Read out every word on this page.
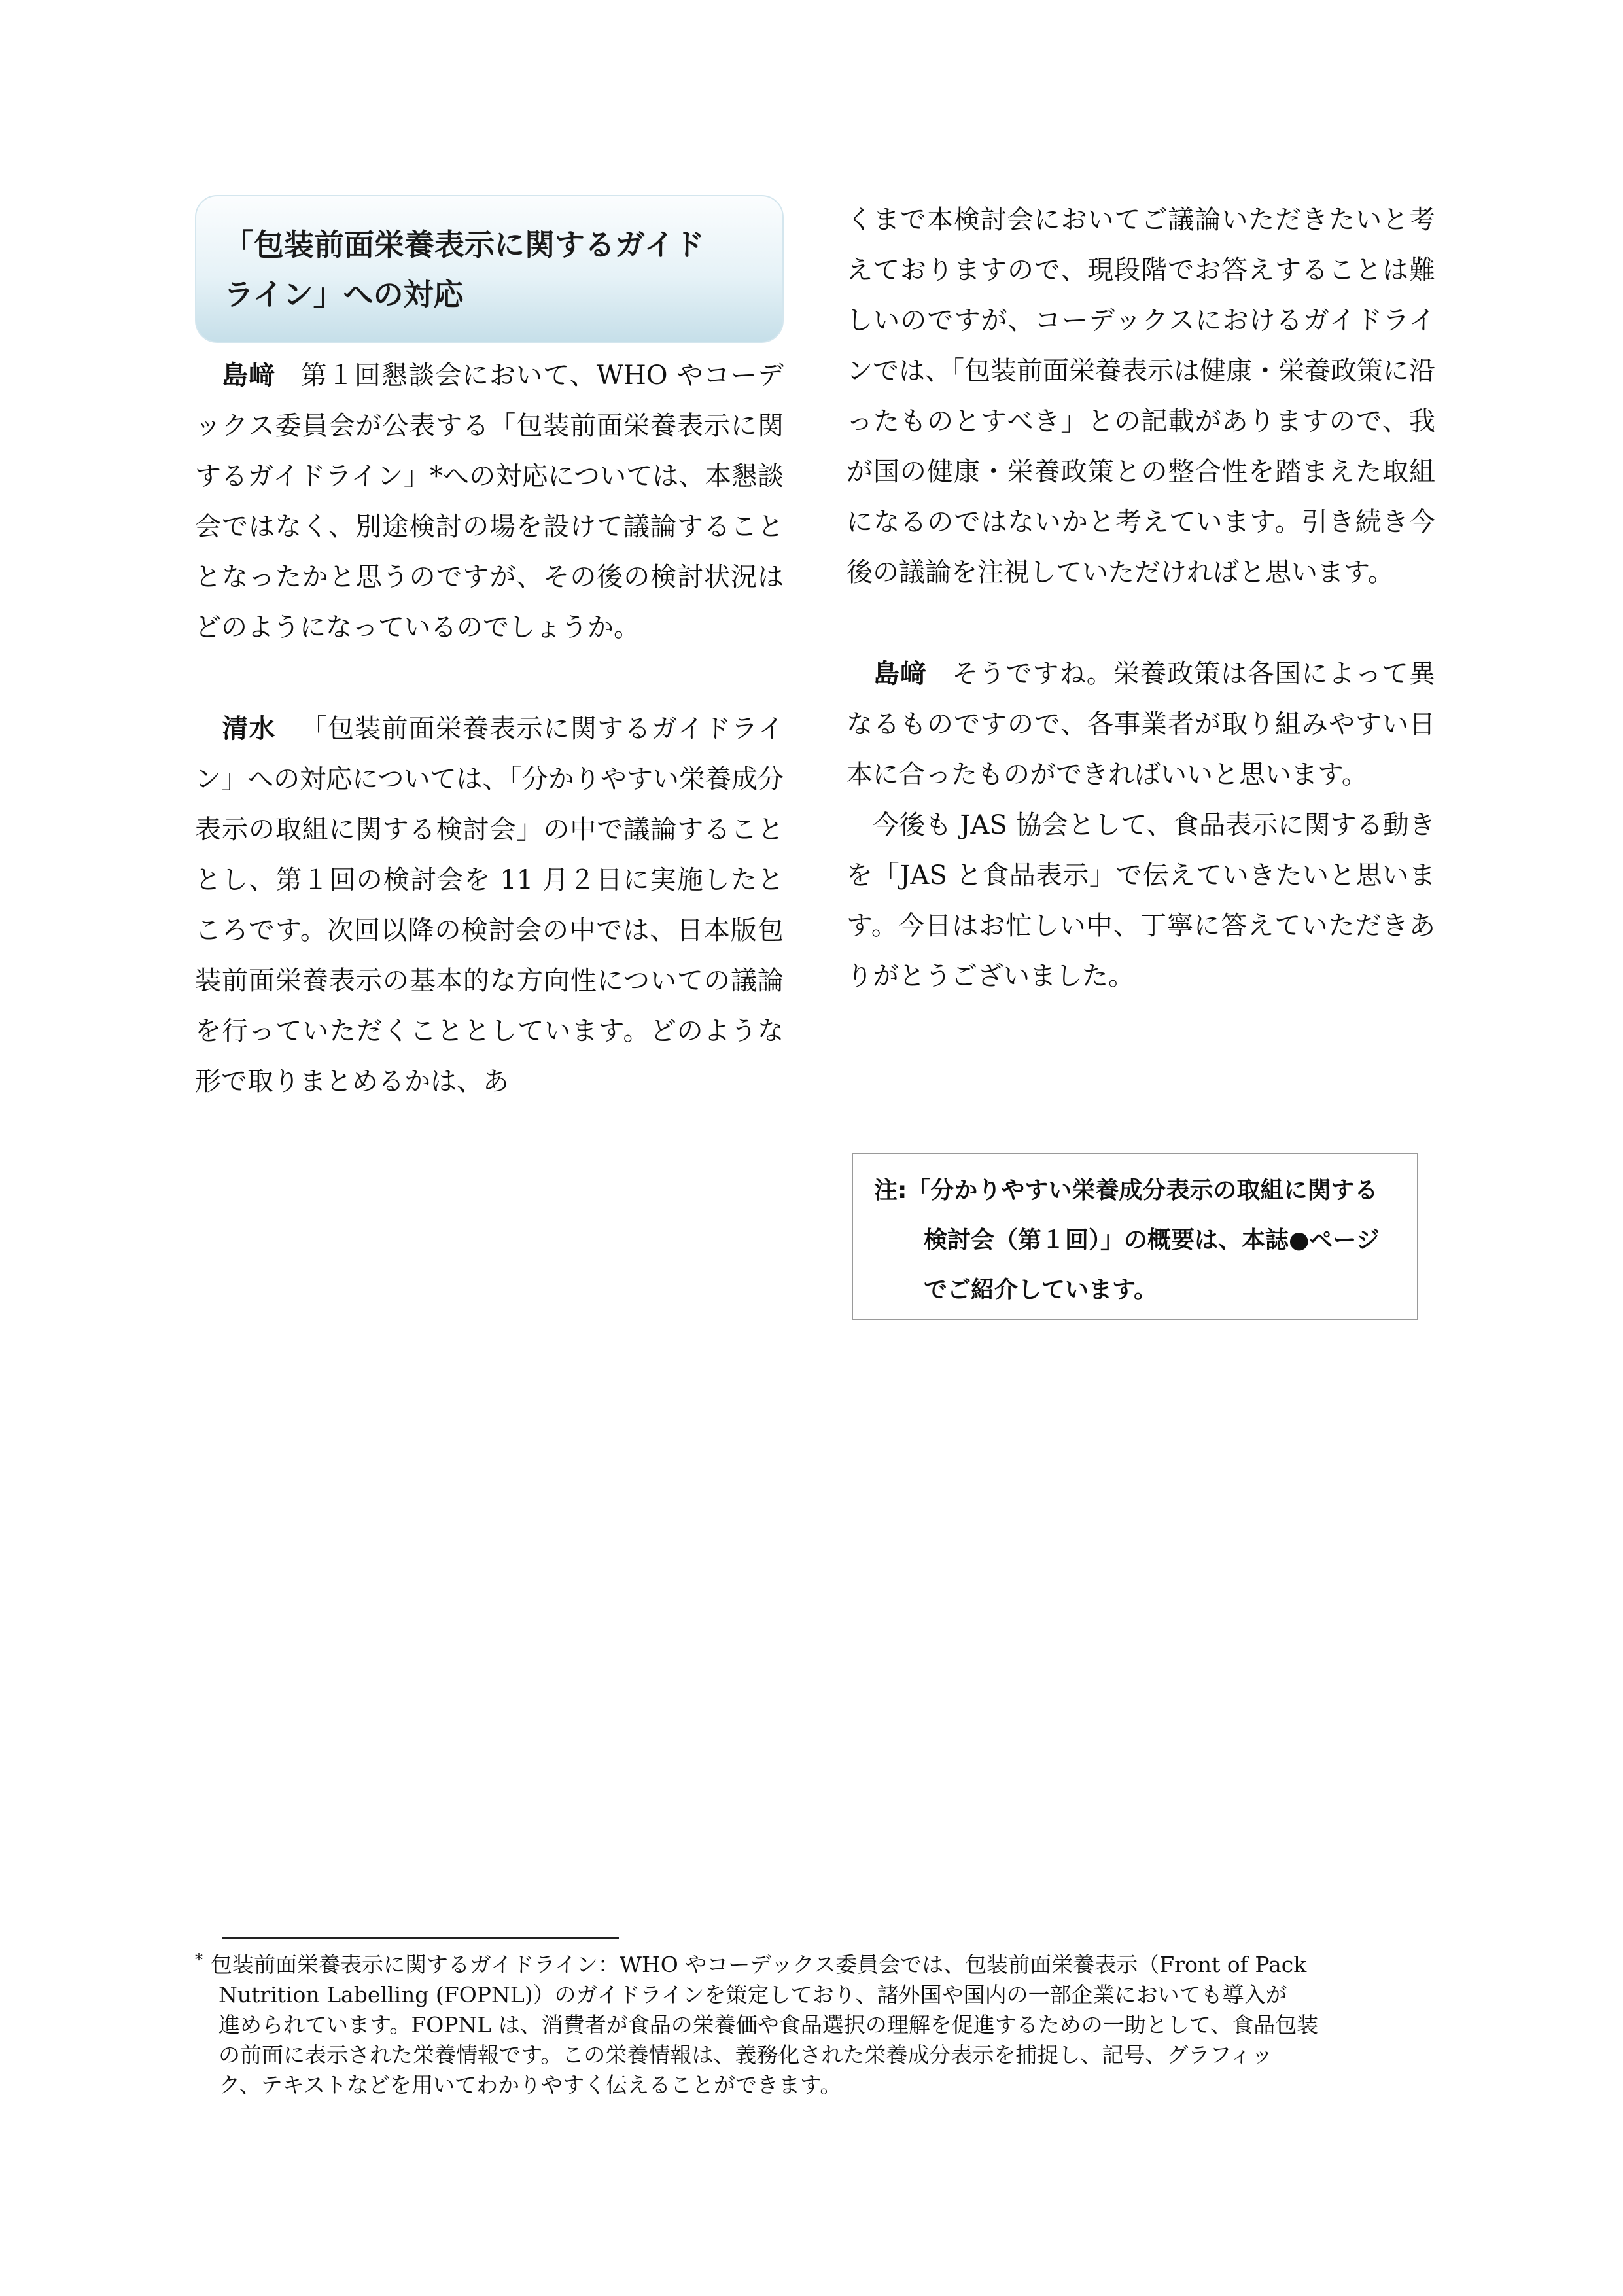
「包装前面栄養表示に関するガイド
ライン」への対応

　島﨑 第１回懇談会において、WHO やコーデックス委員会が公表する「包装前面栄養表示に関するガイドライン」*への対応については、本懇談会ではなく、別途検討の場を設けて議論することとなったかと思うのですが、その後の検討状況はどのようになっているのでしょうか。

　清水 「包装前面栄養表示に関するガイドライン」への対応については、「分かりやすい栄養成分表示の取組に関する検討会」の中で議論することとし、第１回の検討会を 11 月２日に実施したところです。次回以降の検討会の中では、日本版包装前面栄養表示の基本的な方向性についての議論を行っていただくこととしています。どのような形で取りまとめるかは、あ

くまで本検討会においてご議論いただきたいと考えておりますので、現段階でお答えすることは難しいのですが、コーデックスにおけるガイドラインでは、「包装前面栄養表示は健康・栄養政策に沿ったものとすべき」との記載がありますので、我が国の健康・栄養政策との整合性を踏まえた取組になるのではないかと考えています。引き続き今後の議論を注視していただければと思います。

　島﨑 そうですね。栄養政策は各国によって異なるものですので、各事業者が取り組みやすい日本に合ったものができればいいと思います。

　今後も JAS 協会として、食品表示に関する動きを「JAS と食品表示」で伝えていきたいと思います。今日はお忙しい中、丁寧に答えていただきありがとうございました。

注:「分かりやすい栄養成分表示の取組に関する
検討会（第１回）」の概要は、本誌●ページ
でご紹介しています。
* 包装前面栄養表示に関するガイドライン：WHO やコーデックス委員会では、包装前面栄養表示（Front of Pack
Nutrition Labelling (FOPNL)）のガイドラインを策定しており、諸外国や国内の一部企業においても導入が
進められています。FOPNL は、消費者が食品の栄養価や食品選択の理解を促進するための一助として、食品包装
の前面に表示された栄養情報です。この栄養情報は、義務化された栄養成分表示を捕捉し、記号、グラフィッ
ク、テキストなどを用いてわかりやすく伝えることができます。
